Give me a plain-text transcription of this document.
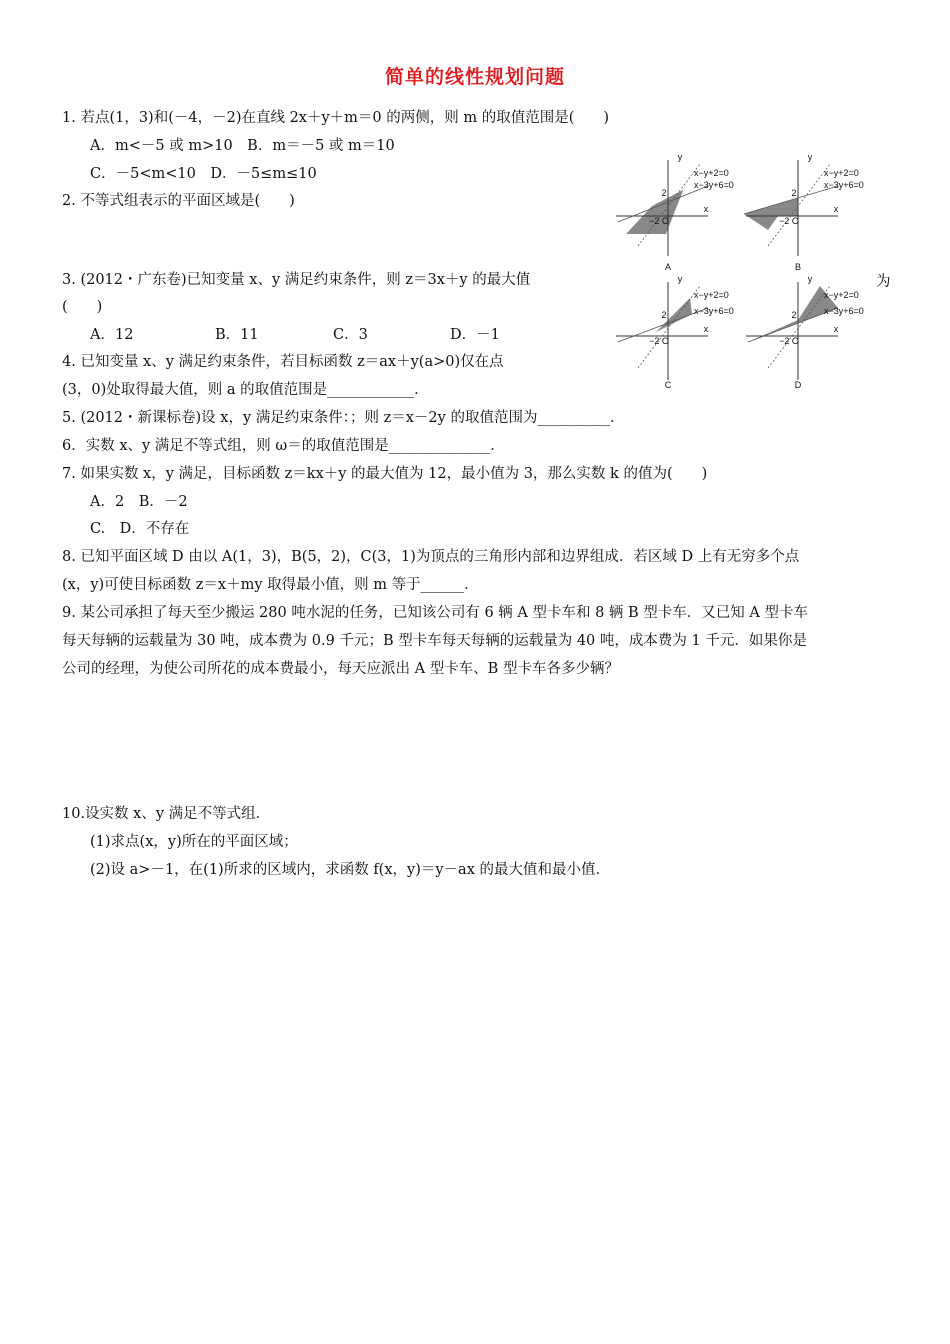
简单的线性规划问题
1. 若点(1，3)和(－4，－2)在直线 2x＋y＋m＝0 的两侧，则 m 的取值范围是(　　)
A．m<－5 或 m>10　B．m＝－5 或 m＝10
C．－5<m<10　D．－5≤m≤10
2. 不等式组表示的平面区域是(　　)
3. (2012・广东卷)已知变量 x、y 满足约束条件，则 z＝3x＋y 的最大值	为
(　　)
A．12	B．11	C．3	D．－1
4. 已知变量 x、y 满足约束条件，若目标函数 z＝ax＋y(a>0)仅在点
(3，0)处取得最大值，则 a 的取值范围是____________．
5. (2012・新课标卷)设 x，y 满足约束条件：；则 z＝x－2y 的取值范围为__________．
6．实数 x、y 满足不等式组，则 ω＝的取值范围是______________．
7. 如果实数 x，y 满足，目标函数 z＝kx＋y 的最大值为 12，最小值为 3，那么实数 k 的值为(　　)
A．2　B．－2
C.　D．不存在
8. 已知平面区域 D 由以 A(1，3)，B(5，2)，C(3，1)为顶点的三角形内部和边界组成．若区域 D 上有无穷多个点
(x，y)可使目标函数 z＝x＋my 取得最小值，则 m 等于______．
9. 某公司承担了每天至少搬运 280 吨水泥的任务，已知该公司有 6 辆 A 型卡车和 8 辆 B 型卡车．又已知 A 型卡车
每天每辆的运载量为 30 吨，成本费为 0.9 千元；B 型卡车每天每辆的运载量为 40 吨，成本费为 1 千元．如果你是
公司的经理，为使公司所花的成本费最小，每天应派出 A 型卡车、B 型卡车各多少辆？
10.设实数 x、y 满足不等式组．
(1)求点(x，y)所在的平面区域；
(2)设 a>－1，在(1)所求的区域内，求函数 f(x，y)＝y－ax 的最大值和最小值．
x−y+2=0
x−3y+6=0
y
x
2
−2 O
A
x−y+2=0
x−3y+6=0
y
x
2
−2 O
B
x−y+2=0
x−3y+6=0
y
x
2
−2 O
C
x−y+2=0
x−3y+6=0
y
x
2
−2 O
D
